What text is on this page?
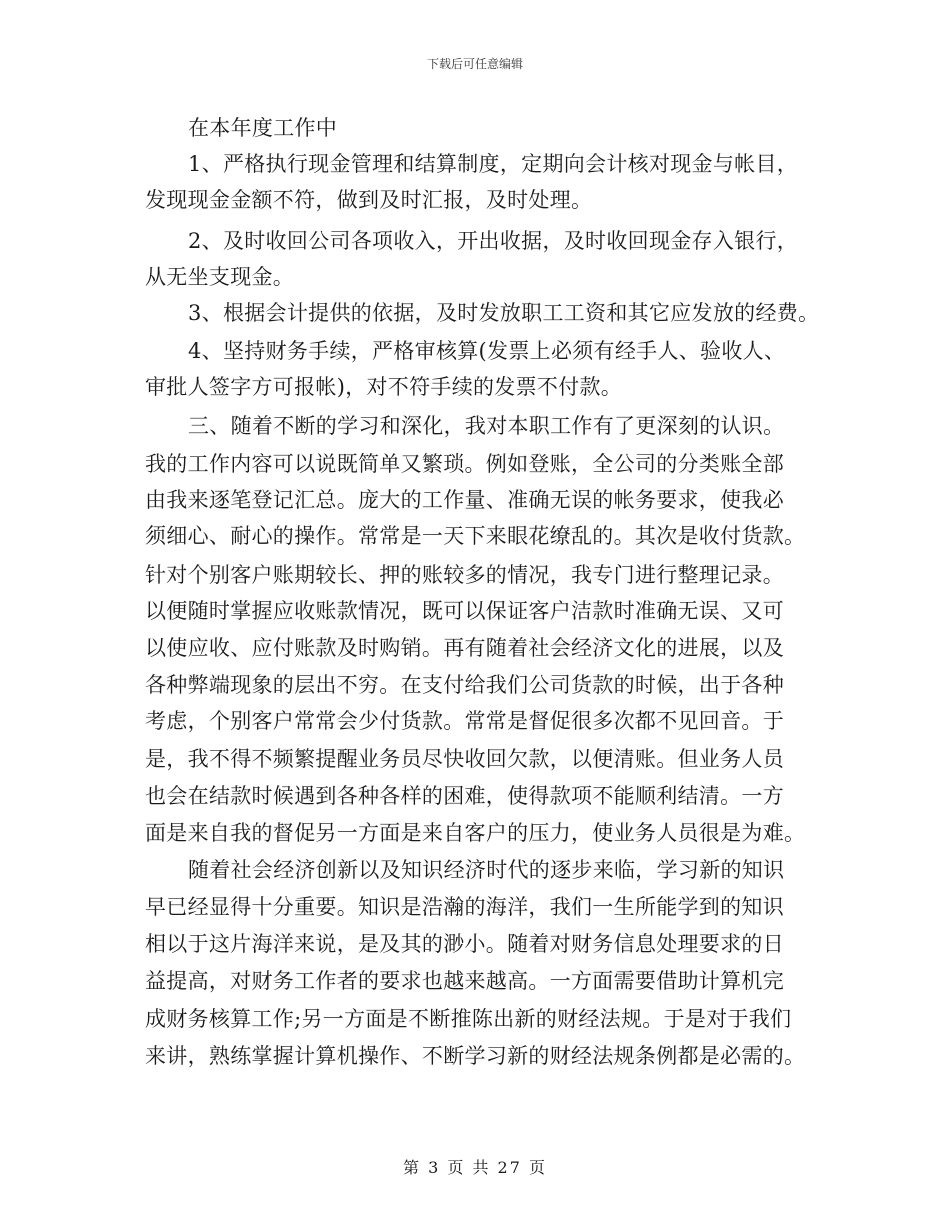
下载后可任意编辑
在本年度工作中
1、严格执行现金管理和结算制度，定期向会计核对现金与帐目，
发现现金金额不符，做到及时汇报，及时处理。
2、及时收回公司各项收入，开出收据，及时收回现金存入银行，
从无坐支现金。
3、根据会计提供的依据，及时发放职工工资和其它应发放的经费。
4、坚持财务手续，严格审核算(发票上必须有经手人、验收人、
审批人签字方可报帐)，对不符手续的发票不付款。
三、随着不断的学习和深化，我对本职工作有了更深刻的认识。
我的工作内容可以说既简单又繁琐。例如登账，全公司的分类账全部
由我来逐笔登记汇总。庞大的工作量、准确无误的帐务要求，使我必
须细心、耐心的操作。常常是一天下来眼花缭乱的。其次是收付货款。
针对个别客户账期较长、押的账较多的情况，我专门进行整理记录。
以便随时掌握应收账款情况，既可以保证客户洁款时准确无误、又可
以使应收、应付账款及时购销。再有随着社会经济文化的进展，以及
各种弊端现象的层出不穷。在支付给我们公司货款的时候，出于各种
考虑，个别客户常常会少付货款。常常是督促很多次都不见回音。于
是，我不得不频繁提醒业务员尽快收回欠款，以便清账。但业务人员
也会在结款时候遇到各种各样的困难，使得款项不能顺利结清。一方
面是来自我的督促另一方面是来自客户的压力，使业务人员很是为难。
随着社会经济创新以及知识经济时代的逐步来临，学习新的知识
早已经显得十分重要。知识是浩瀚的海洋，我们一生所能学到的知识
相以于这片海洋来说，是及其的渺小。随着对财务信息处理要求的日
益提高，对财务工作者的要求也越来越高。一方面需要借助计算机完
成财务核算工作;另一方面是不断推陈出新的财经法规。于是对于我们
来讲，熟练掌握计算机操作、不断学习新的财经法规条例都是必需的。
第 3 页 共 27 页
